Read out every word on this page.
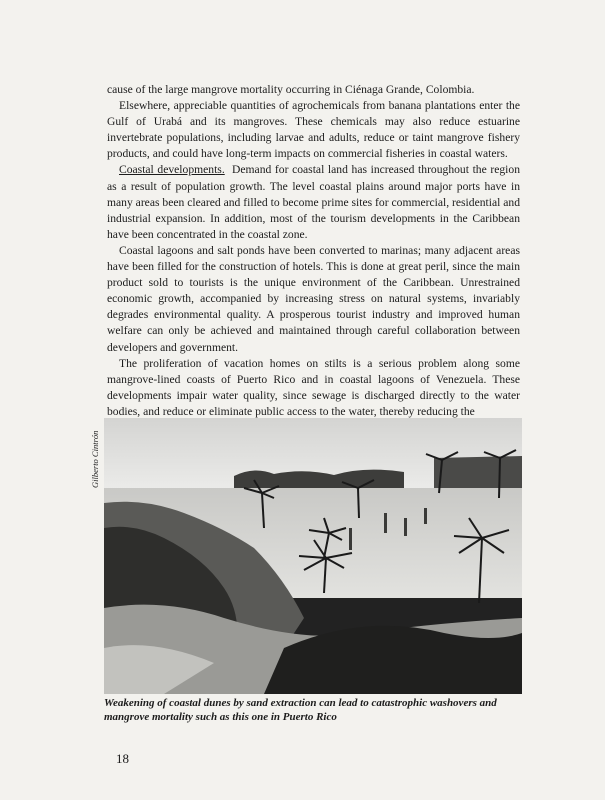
cause of the large mangrove mortality occurring in Ciénaga Grande, Colombia.

Elsewhere, appreciable quantities of agrochemicals from banana plantations enter the Gulf of Urabá and its mangroves. These chemicals may also reduce estuarine invertebrate populations, including larvae and adults, reduce or taint mangrove fishery products, and could have long-term impacts on commercial fisheries in coastal waters.

Coastal developments. Demand for coastal land has increased throughout the region as a result of population growth. The level coastal plains around major ports have in many areas been cleared and filled to become prime sites for commercial, residential and industrial expansion. In addition, most of the tourism developments in the Caribbean have been concentrated in the coastal zone.

Coastal lagoons and salt ponds have been converted to marinas; many adjacent areas have been filled for the construction of hotels. This is done at great peril, since the main product sold to tourists is the unique environment of the Caribbean. Unrestrained economic growth, accompanied by increasing stress on natural systems, invariably degrades environmental quality. A prosperous tourist industry and improved human welfare can only be achieved and maintained through careful collaboration between developers and government.

The proliferation of vacation homes on stilts is a serious problem along some mangrove-lined coasts of Puerto Rico and in coastal lagoons of Venezuela. These developments impair water quality, since sewage is discharged directly to the water bodies, and reduce or eliminate public access to the water, thereby reducing the

Gilberto Cintrón
Weakening of coastal dunes by sand extraction can lead to catastrophic washovers and mangrove mortality such as this one in Puerto Rico
18
